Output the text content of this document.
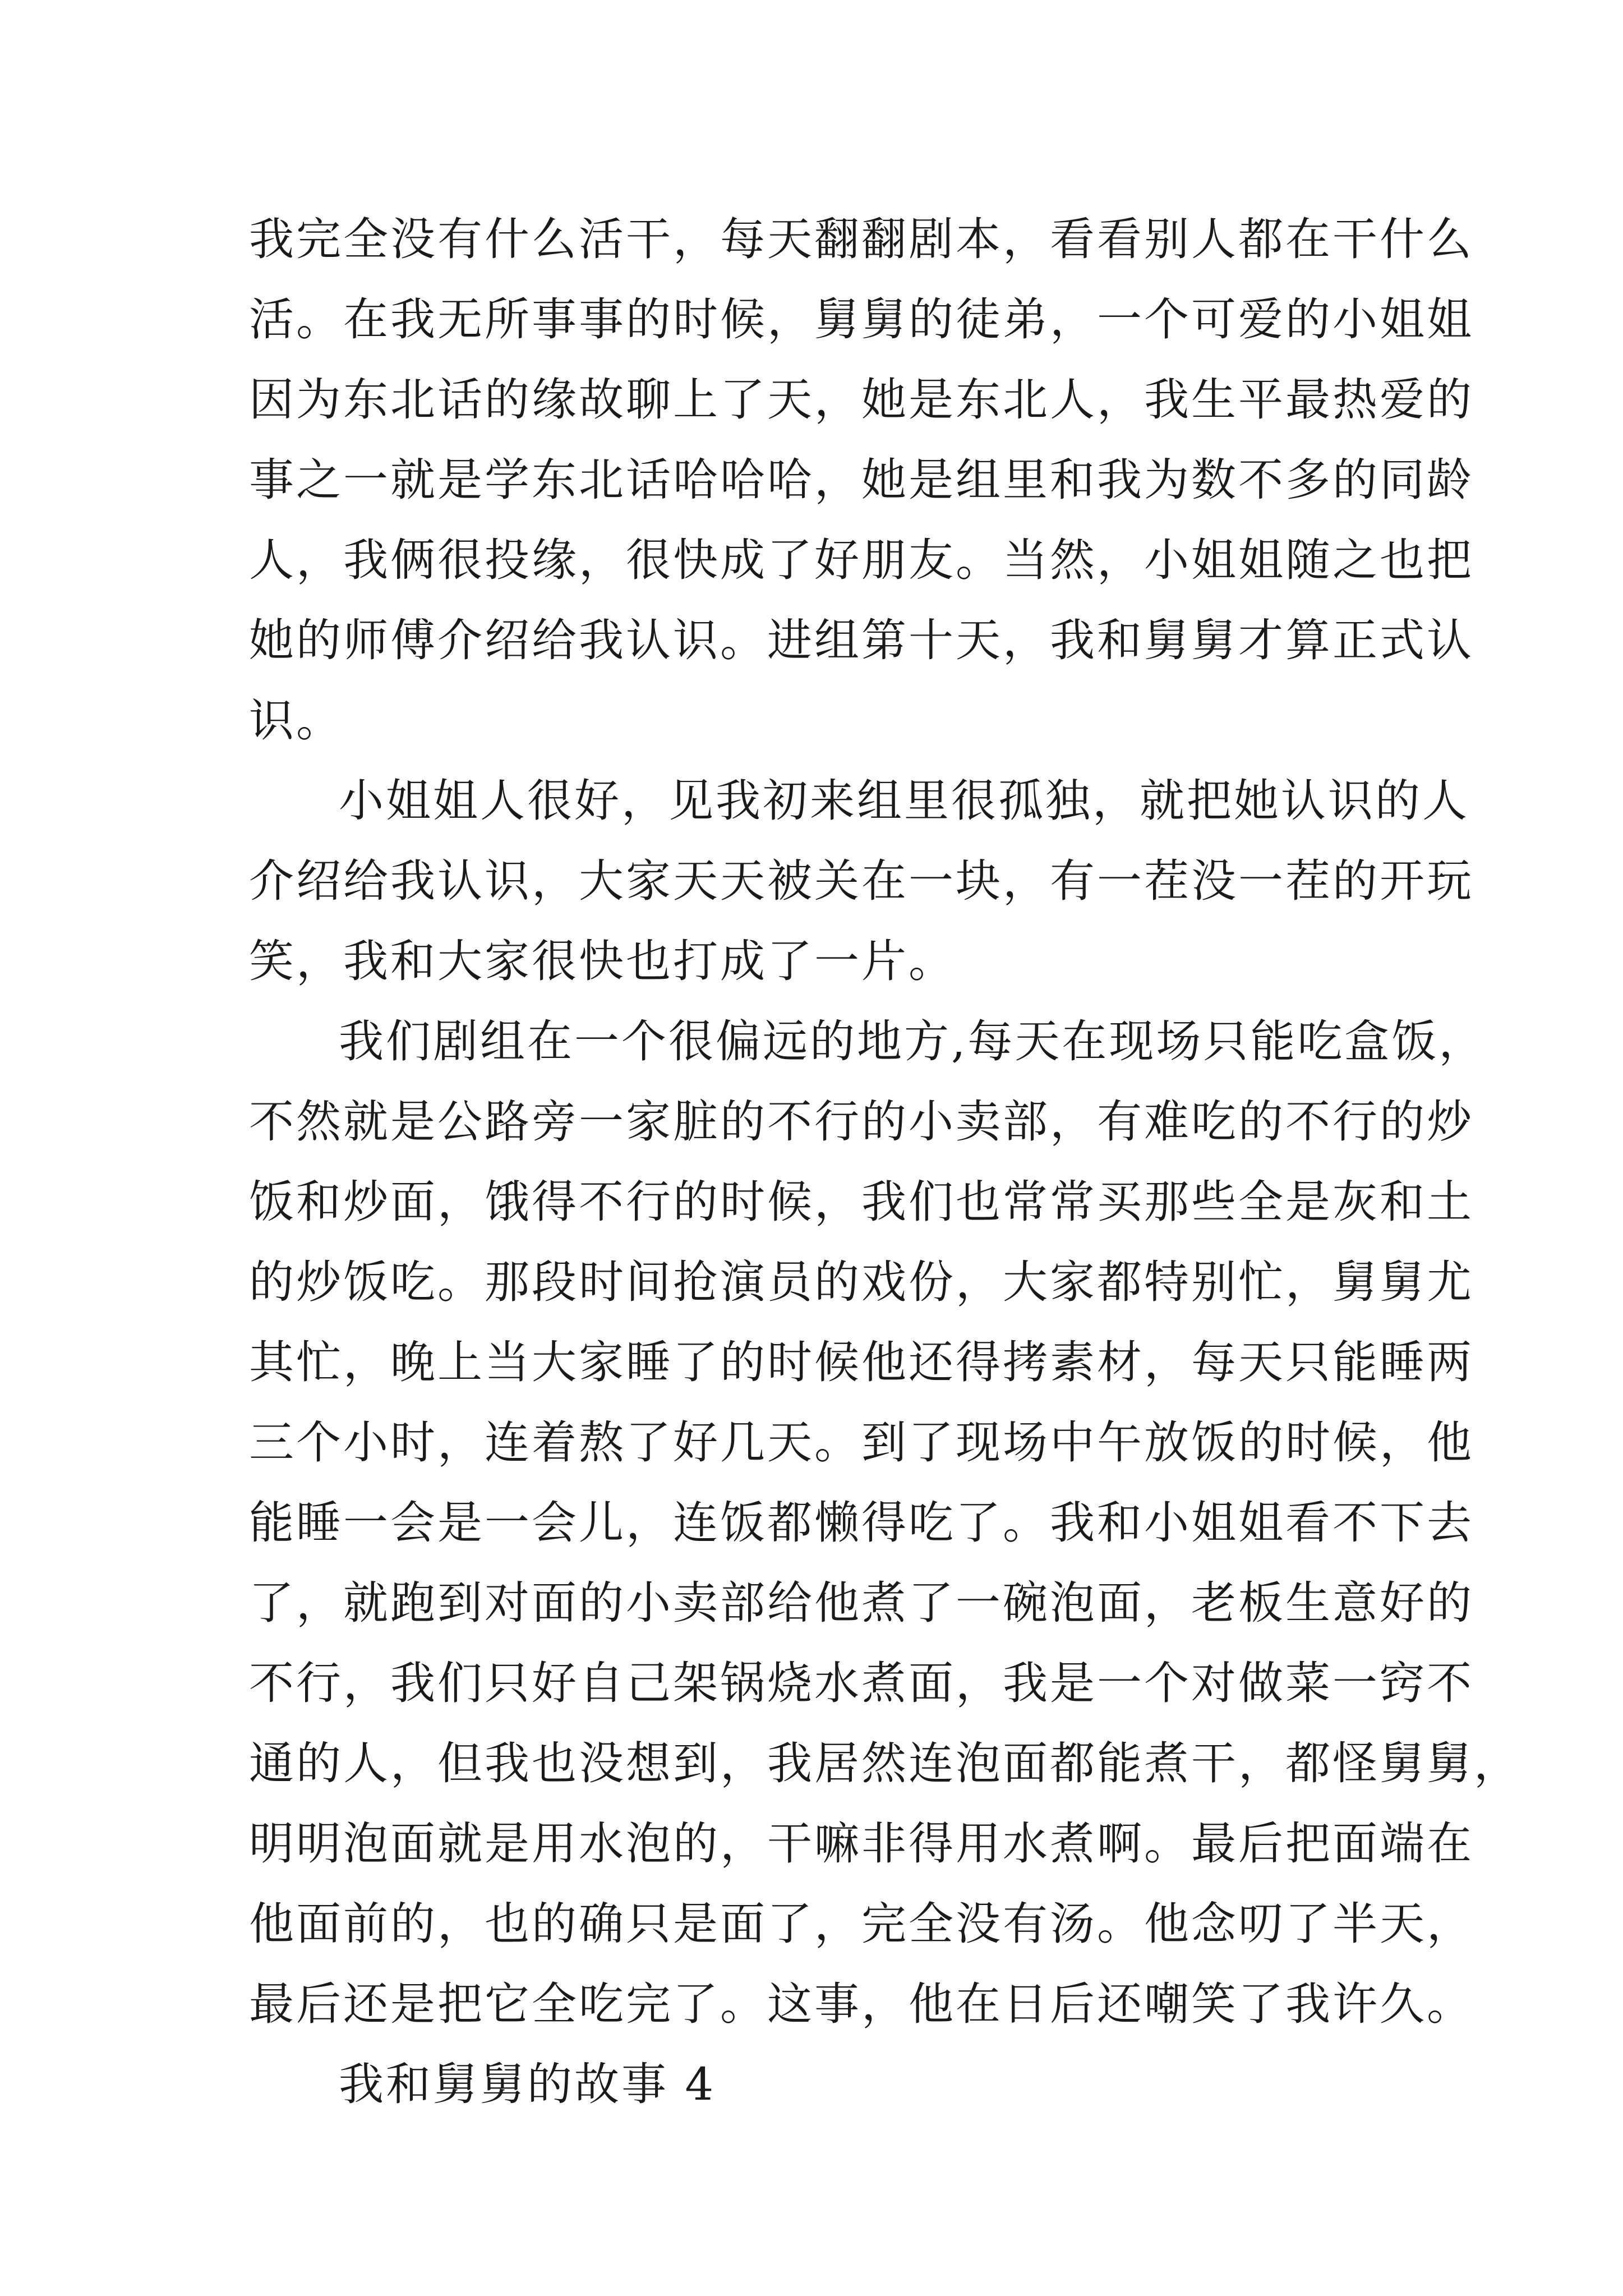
我完全没有什么活干，每天翻翻剧本，看看别人都在干什么
活。在我无所事事的时候，舅舅的徒弟，一个可爱的小姐姐
因为东北话的缘故聊上了天，她是东北人，我生平最热爱的
事之一就是学东北话哈哈哈，她是组里和我为数不多的同龄
人，我俩很投缘，很快成了好朋友。当然，小姐姐随之也把
她的师傅介绍给我认识。进组第十天，我和舅舅才算正式认
识。

小姐姐人很好，见我初来组里很孤独，就把她认识的人
介绍给我认识，大家天天被关在一块，有一茬没一茬的开玩
笑，我和大家很快也打成了一片。

我们剧组在一个很偏远的地方,每天在现场只能吃盒饭，
不然就是公路旁一家脏的不行的小卖部，有难吃的不行的炒
饭和炒面，饿得不行的时候，我们也常常买那些全是灰和土
的炒饭吃。那段时间抢演员的戏份，大家都特别忙，舅舅尤
其忙，晚上当大家睡了的时候他还得拷素材，每天只能睡两
三个小时，连着熬了好几天。到了现场中午放饭的时候，他
能睡一会是一会儿，连饭都懒得吃了。我和小姐姐看不下去
了，就跑到对面的小卖部给他煮了一碗泡面，老板生意好的
不行，我们只好自己架锅烧水煮面，我是一个对做菜一窍不
通的人，但我也没想到，我居然连泡面都能煮干，都怪舅舅，
明明泡面就是用水泡的，干嘛非得用水煮啊。最后把面端在
他面前的，也的确只是面了，完全没有汤。他念叨了半天，
最后还是把它全吃完了。这事，他在日后还嘲笑了我许久。

我和舅舅的故事 4
